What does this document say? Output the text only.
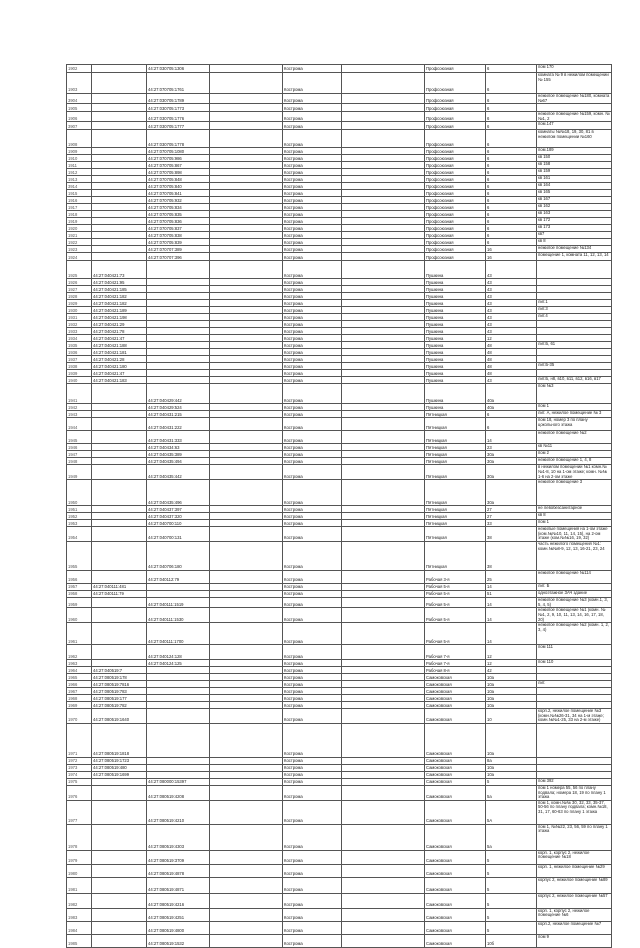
1902		44:27:030705:1306		Кострома		Профсоюзная	6	пом 170
1903		44:27:070705:1761		Кострома		Профсоюзная	6	комната № 9 в нежилом помещении № 155
3904		44:27:030705:1789		Кострома		Профсоюзная	6	нежилое помещение №180, комната №67
1905		44:27:030705:1773		Кострома		Профсоюзная	6	
1906		44:27:030705:1776		Кострома		Профсоюзная	6	нежилое помещение №159, комн. №№1, 2
3907		44:27:030705:1777		Кострома		Профсоюзная	6	пом.147
1908		44:27:030705:1778		Кострома		Профсоюзная	6	комнаты №№18, 19, 30, 81 в нежилом помещении №160
1909		44:27:070705:1080		Кострома		Профсоюзная	6	пом.189
1910		44:27:070705:986		Кострома		Профсоюзная	6	кв 150
1911		44:27:070705:867		Кострома		Профсоюзная	6	кв 158
1912		44:27:070705:898		Кострома		Профсоюзная	6	кв 159
1913		44:27:070705:848		Кострома		Профсоюзная	6	кв 161
3914		44:27:070705:840		Кострома		Профсоюзная	6	кв 164
1915		44:27:070705:841		Кострома		Профсоюзная	6	кв 165
1916		44:27:070705:932		Кострома		Профсоюзная	6	кв 167
1917		44:27:070705:834		Кострома		Профсоюзная	6	кв 162
1918		44:27:070705:835		Кострома		Профсоюзная	6	кв 163
1919		44:27:070705:836		Кострома		Профсоюзная	6	кв 172
1920		44:27:070705:837		Кострома		Профсоюзная	6	кв 173
1921		44:27:070705:838		Кострома		Профсоюзная	6	кв7
1922		44:27:070705:839		Кострома		Профсоюзная	6	кв 8
1923		44:27:070707:389		Кострома		Профсоюзная	16	нежилое помещение №134
1924		44:27:070707:396		Кострома		Профсоюзная	16	помещение 1, комната 11, 12, 13, 14
1925	44:27:040421:73			Кострома		Пушкина	43	
1926	44:27:040421:95			Кострома		Пушкина	43	
1927	44:27:040421:185			Кострома		Пушкина	43	
1928	44:27:040421:182			Кострома		Пушкина	43	
1929	44:27:040421:182			Кострома		Пушкина	43	лит.1
1930	44:27:040421:189			Кострома		Пушкина	43	лит.3
1931	44:27:040421:198			Кострома		Пушкина	43	лит.4
1932	44:27:040421:29			Кострома		Пушкина	43	
1933	44:27:040421:78			Кострома		Пушкина	43	
1934	44:27:040421:47			Кострома		Пушкина	12	
1935	44:27:040421:188			Кострома		Пушкина	48	лит.Б, 61
1936	44:27:040421:181			Кострома		Пушкина	48	
1937	44:27:040421:28			Кострома		Пушкина	48	
1938	44:27:040421:180			Кострома		Пушкина	48	лит.Б-35
1939	44:27:040421:47			Кострома		Пушкина	48	
1940	44:27:040421:183			Кострома		Пушкина	43	лит.Б, н8, в10, в11, в12, в16, в17
1941		44:27:040429:442		Кострома		Пушкина	40а	пом №3
1942		44:27:040429:524		Кострома		Пушкина	40а	пом 1
1943		44:27:040431:215		Кострома		Пятницкая	6	лит. А, нежилое помещение № 3
1944		44:27:040431:222		Кострома		Пятницкая	6	пом 18, номер 3 по плану цокольного этажа
1945		44:27:040431:333		Кострома		Пятницкая	14	нежилое помещение №2
1946		44:27:040434:63		Кострома		Пятницкая	23	кв №11
1947		44:27:040435:389		Кострома		Пятницкая	30а	пом 2
1948		44:27:040435:494		Кострома		Пятницкая	30а	нежилое помещение 1, 4, 8
1949		44:27:040435:442		Кострома		Пятницкая	30а	в нежилом помещении №1 комн.№№1-8, 10 на 1-ом этаже; комн. №№ 1-6 на 2-ом этаже
1950		44:27:040435:496		Кострома		Пятницкая	30а	нежилое помещение 3
1951		44:27:040437:397		Кострома		Пятницкая	27	не левобезсанитарное
1952		44:27:040437:320		Кострома		Пятницкая	27	кв 8
1953		44:27:040700:110		Кострома		Пятницкая	33	пом 1
1954		44:27:040700:131		Кострома		Пятницкая	38	нежилые помещения на 1-ом этаже (ком.№№10, 11, 14, 15), на 2-ом этаже (ком.№№16, 19, 32)
1955		44:27:040706:180		Кострома		Пятницкая	38	часть нежилого помещения №1: комн.№№8-9, 12, 13, 16-21, 23, 24
1956		44:27:040112:79		Кострома		Рабочая 3-я	25	нежилое помещение №114
1957	44:27:040111:481			Кострома		Рабочая 5-я	14	лит. Б
1958	44:27:040111:79			Кострома		Рабочая 5-я	51	одноэтажное ЗАЧ здание
1959		44:27:040111:1519		Кострома		Рабочая 5-я	14	нежилое помещение №3 (комн.1, 3, 5, 4, 5)
1960		44:27:040111:1530		Кострома		Рабочая 5-я	14	нежилое помещение №1 (комн. №№1, 2, 9, 10, 11, 13, 14, 16, 17, 18, 20)
1961		44:27:040111:1700		Кострома		Рабочая 5-я	14	нежилое помещение №2 (комн. 1, 2, 3, 4)
1962		44:27:040124:128		Кострома		Рабочая 7-я	12	пом 111
1963		44:27:040124:125		Кострома		Рабочая 7-я	12	пом 110
1964	44:27:040519:7			Кострома		Рабочая 8-я	42	
1965	44:27:080519:178			Кострома		Самоковская	10а	
1966	44:27:080519:7816			Кострома		Самоковская	10а	лит.
1967	44:27:080519:783			Кострома		Самоковская	10а	
1968	44:27:080519:177			Кострома		Самоковская	10а	
1969	44:27:080519:782			Кострома		Самоковская	10а	
1970	44:27:080519:1640			Кострома		Самоковская	10	корп.2, нежилое помещение №3 (комн.№№26-31, 34 на 1-м этаже; комн.№№1-25, 33 на 2-м этаже)
1971	44:27:080519:1818			Кострома		Самоковская	10а	
1972	44:27:080519:1723			Кострома		Самоковская	8а	
1973	44:27:080519:480			Кострома		Самоковская	10а	
1974	44:27:080519:1699			Кострома		Самоковская	10а	
1975		44:27:080000:15397		Кострома		Самоковская	5	пом 392
1976		44:27:080519:4208		Кострома		Самоковская	5а	пом 1 номера 55, 56 по плану подвала; номера 18, 19 по плану 1 этажа
1977		44:27:080519:4210		Кострома		Самоковская	5А	пом 1, комн.№№ 30, 32, 33, 35-37, 50-56 по плану подвала; комн.№18, 31, 17, 60-63 по плану 1 этажа
1978		44:27:080519:4303		Кострома		Самоковская	5а	пом 1, №№22, 23, 56, 59 по плану 1 этажа
1979		44:27:080519:3709		Кострома		Самоковская	5	корп. 1, корпус 2, нежилое помещение №18
1980		44:27:080519:4878		Кострома		Самоковская	5	корп. 1, нежилое помещение №29
1981		44:27:080519:4871		Кострома		Самоковская	5	корпус 2, нежилое помещение №89
1982		44:27:080519:4216		Кострома		Самоковская	5	корпус 2, нежилое помещение №57
1983		44:27:080519:4251		Кострома		Самоковская	5	корп. 1, корпус 2, нежилое помещение №6
1984		44:27:080519:4800		Кострома		Самоковская	5	корп.2, нежилое помещение №7
1985		44:27:080519:1532		Кострома		Самоковская	10б	пом 9
